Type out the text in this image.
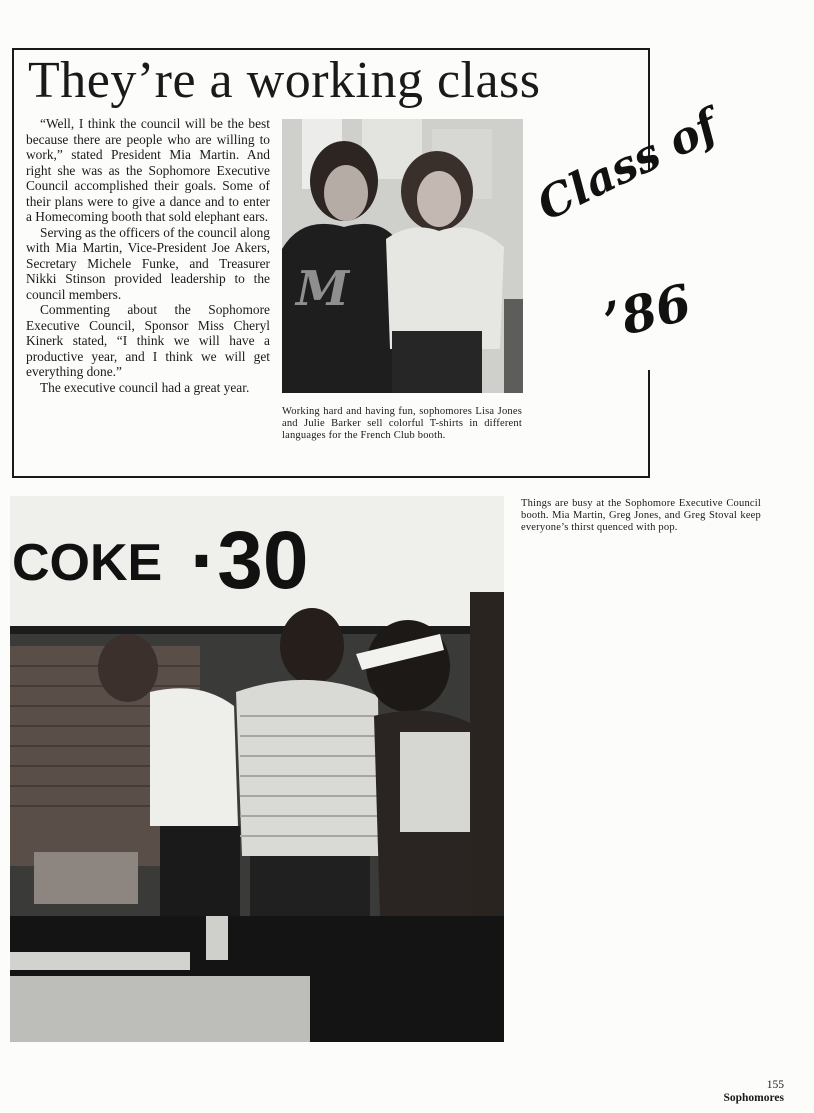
They’re a working class

“Well, I think the council will be the best because there are people who are willing to work,” stated President Mia Martin. And right she was as the Sophomore Executive Council accomplished their goals. Some of their plans were to give a dance and to enter a Homecoming booth that sold elephant ears.

Serving as the officers of the council along with Mia Martin, Vice-President Joe Akers, Secretary Michele Funke, and Treasurer Nikki Stinson provided leadership to the council members.

Commenting about the Sophomore Executive Council, Sponsor Miss Cheryl Kinerk stated, “I think we will have a productive year, and I think we will get everything done.”

The executive council had a great year.

M
Working hard and having fun, sophomores Lisa Jones and Julie Barker sell colorful T-shirts in different languages for the French Club booth.
Class of
’86
COKE ·30
Things are busy at the Sophomore Executive Council booth. Mia Martin, Greg Jones, and Greg Stoval keep everyone’s thirst quenced with pop.
155
Sophomores
